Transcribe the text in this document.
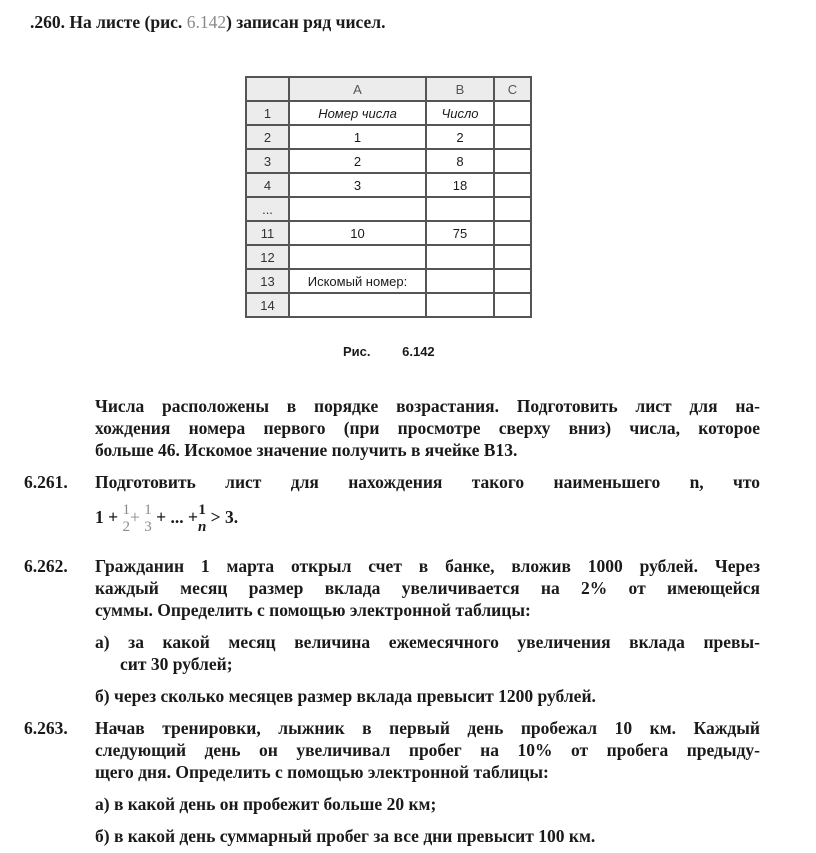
.260. На листе (рис. 6.142) записан ряд чисел.
	A	B	C
1	Номер числа	Число	
2	1	2	
3	2	8	
4	3	18	
...			
11	10	75	
12			
13	Искомый номер:		
14			
Рис. 6.142
Числа расположены в порядке возрастания. Подготовить лист для на-
хождения номера первого (при просмотре сверху вниз) числа, которое
больше 46. Искомое значение получить в ячейке B13.
6.261. Подготовить лист для нахождения такого наименьшего n, что
1 + 1
2 + 1
3 + ... + 1
n > 3.
6.262. Гражданин 1 марта открыл счет в банке, вложив 1000 рублей. Через
каждый месяц размер вклада увеличивается на 2% от имеющейся
суммы. Определить с помощью электронной таблицы:
а) за какой месяц величина ежемесячного увеличения вклада превы-
сит 30 рублей;
б) через сколько месяцев размер вклада превысит 1200 рублей.
6.263. Начав тренировки, лыжник в первый день пробежал 10 км. Каждый
следующий день он увеличивал пробег на 10% от пробега предыду-
щего дня. Определить с помощью электронной таблицы:
а) в какой день он пробежит больше 20 км;
б) в какой день суммарный пробег за все дни превысит 100 км.
